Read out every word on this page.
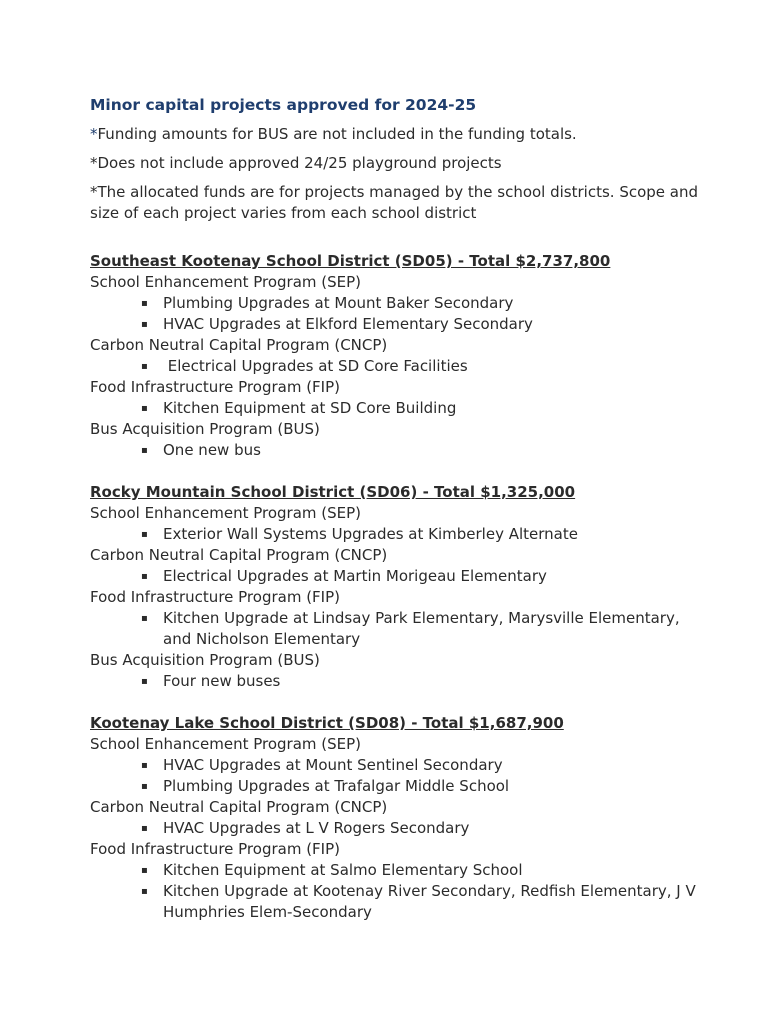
Minor capital projects approved for 2024-25
*Funding amounts for BUS are not included in the funding totals.
*Does not include approved 24/25 playground projects
*The allocated funds are for projects managed by the school districts. Scope and size of each project varies from each school district
Southeast Kootenay School District (SD05) - Total $2,737,800
School Enhancement Program (SEP)
▪ Plumbing Upgrades at Mount Baker Secondary
▪ HVAC Upgrades at Elkford Elementary Secondary
Carbon Neutral Capital Program (CNCP)
▪ Electrical Upgrades at SD Core Facilities
Food Infrastructure Program (FIP)
▪ Kitchen Equipment at SD Core Building
Bus Acquisition Program (BUS)
▪ One new bus
Rocky Mountain School District (SD06) - Total $1,325,000
School Enhancement Program (SEP)
▪ Exterior Wall Systems Upgrades at Kimberley Alternate
Carbon Neutral Capital Program (CNCP)
▪ Electrical Upgrades at Martin Morigeau Elementary
Food Infrastructure Program (FIP)
▪ Kitchen Upgrade at Lindsay Park Elementary, Marysville Elementary, and Nicholson Elementary
Bus Acquisition Program (BUS)
▪ Four new buses
Kootenay Lake School District (SD08) - Total $1,687,900
School Enhancement Program (SEP)
▪ HVAC Upgrades at Mount Sentinel Secondary
▪ Plumbing Upgrades at Trafalgar Middle School
Carbon Neutral Capital Program (CNCP)
▪ HVAC Upgrades at L V Rogers Secondary
Food Infrastructure Program (FIP)
▪ Kitchen Equipment at Salmo Elementary School
▪ Kitchen Upgrade at Kootenay River Secondary, Redfish Elementary, J V Humphries Elem-Secondary
